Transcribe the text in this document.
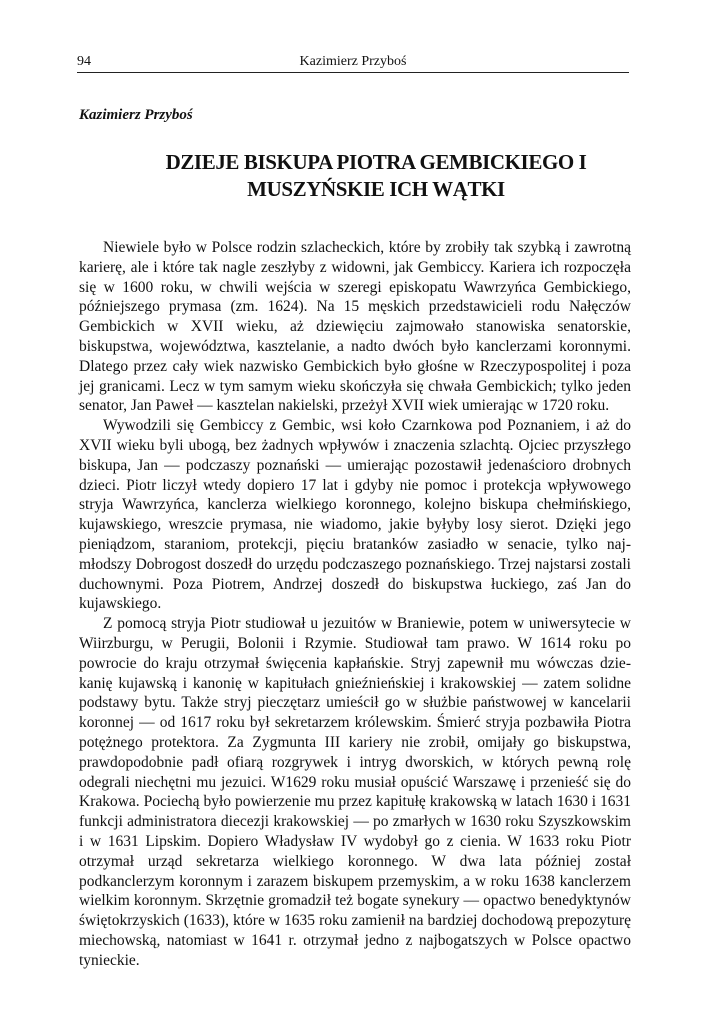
94	Kazimierz Przyboś
Kazimierz Przyboś
DZIEJE BISKUPA PIOTRA GEMBICKIEGO I
MUSZYŃSKIE ICH WĄTKI

Niewiele było w Polsce rodzin szlacheckich, które by zrobiły tak szybką i zawrotną karierę, ale i które tak nagle zeszłyby z widowni, jak Gembiccy. Kariera ich rozpoczęła się w 1600 roku, w chwili wejścia w szeregi episkopatu Wawrzyńca Gembickiego, późniejszego prymasa (zm. 1624). Na 15 męskich przedstawicieli rodu Nałęczów Gembickich w XVII wieku, aż dziewięciu zajmowało stanowiska senatorskie, biskupstwa, województwa, kasztelanie, a nadto dwóch było kanclerzami koronnymi. Dlatego przez cały wiek nazwisko Gembickich było głośne w Rzeczypospolitej i poza jej granicami. Lecz w tym samym wieku skończyła się chwała Gembickich; tylko jeden senator, Jan Paweł — kasztelan nakielski, przeżył XVII wiek umierając w 1720 roku.

Wywodzili się Gembiccy z Gembic, wsi koło Czarnkowa pod Poznaniem, i aż do XVII wieku byli ubogą, bez żadnych wpływów i znaczenia szlachtą. Ojciec przyszłego biskupa, Jan — podczaszy poznański — umierając pozostawił jedenaścioro drobnych dzieci. Piotr liczył wtedy dopiero 17 lat i gdyby nie pomoc i protekcja wpływowego stryja Wawrzyńca, kanclerza wielkiego koronnego, kolejno biskupa chełmińskiego, kujawskiego, wreszcie prymasa, nie wiadomo, jakie byłyby losy sierot. Dzięki jego pieniądzom, staraniom, protekcji, pięciu bratanków zasiadło w senacie, tylko najmłodszy Dobrogost doszedł do urzędu podczaszego poznańskiego. Trzej najstarsi zostali duchownymi. Poza Piotrem, Andrzej doszedł do biskupstwa łuckiego, zaś Jan do kujawskiego.

Z pomocą stryja Piotr studiował u jezuitów w Braniewie, potem w uniwersytecie w Wiirzburgu, w Perugii, Bolonii i Rzymie. Studiował tam prawo. W 1614 roku po powrocie do kraju otrzymał święcenia kapłańskie. Stryj zapewnił mu wówczas dziekanię kujawską i kanonię w kapitułach gnieźnieńskiej i krakowskiej — zatem solidne podstawy bytu. Także stryj pieczętarz umieścił go w służbie państwowej w kancelarii koronnej — od 1617 roku był sekretarzem królewskim. Śmierć stryja pozbawiła Piotra potężnego protektora. Za Zygmunta III kariery nie zrobił, omijały go biskupstwa, prawdopodobnie padł ofiarą rozgrywek i intryg dworskich, w których pewną rolę odegrali niechętni mu jezuici. W1629 roku musiał opuścić Warszawę i przenieść się do Krakowa. Pociechą było powierzenie mu przez kapitułę krakowską w latach 1630 i 1631 funkcji administratora diecezji krakowskiej — po zmarłych w 1630 roku Szyszkowskim i w 1631 Lipskim. Dopiero Władysław IV wydobył go z cienia. W 1633 roku Piotr otrzymał urząd sekretarza wielkiego koronnego. W dwa lata później został podkanclerzym koronnym i zarazem biskupem przemyskim, a w roku 1638 kanclerzem wielkim koronnym. Skrzętnie gromadził też bogate synekury — opactwo benedyktynów świętokrzyskich (1633), które w 1635 roku zamienił na bardziej dochodową prepozyturę miechowską, natomiast w 1641 r. otrzymał jedno z najbogatszych w Polsce opactwo tynieckie.
